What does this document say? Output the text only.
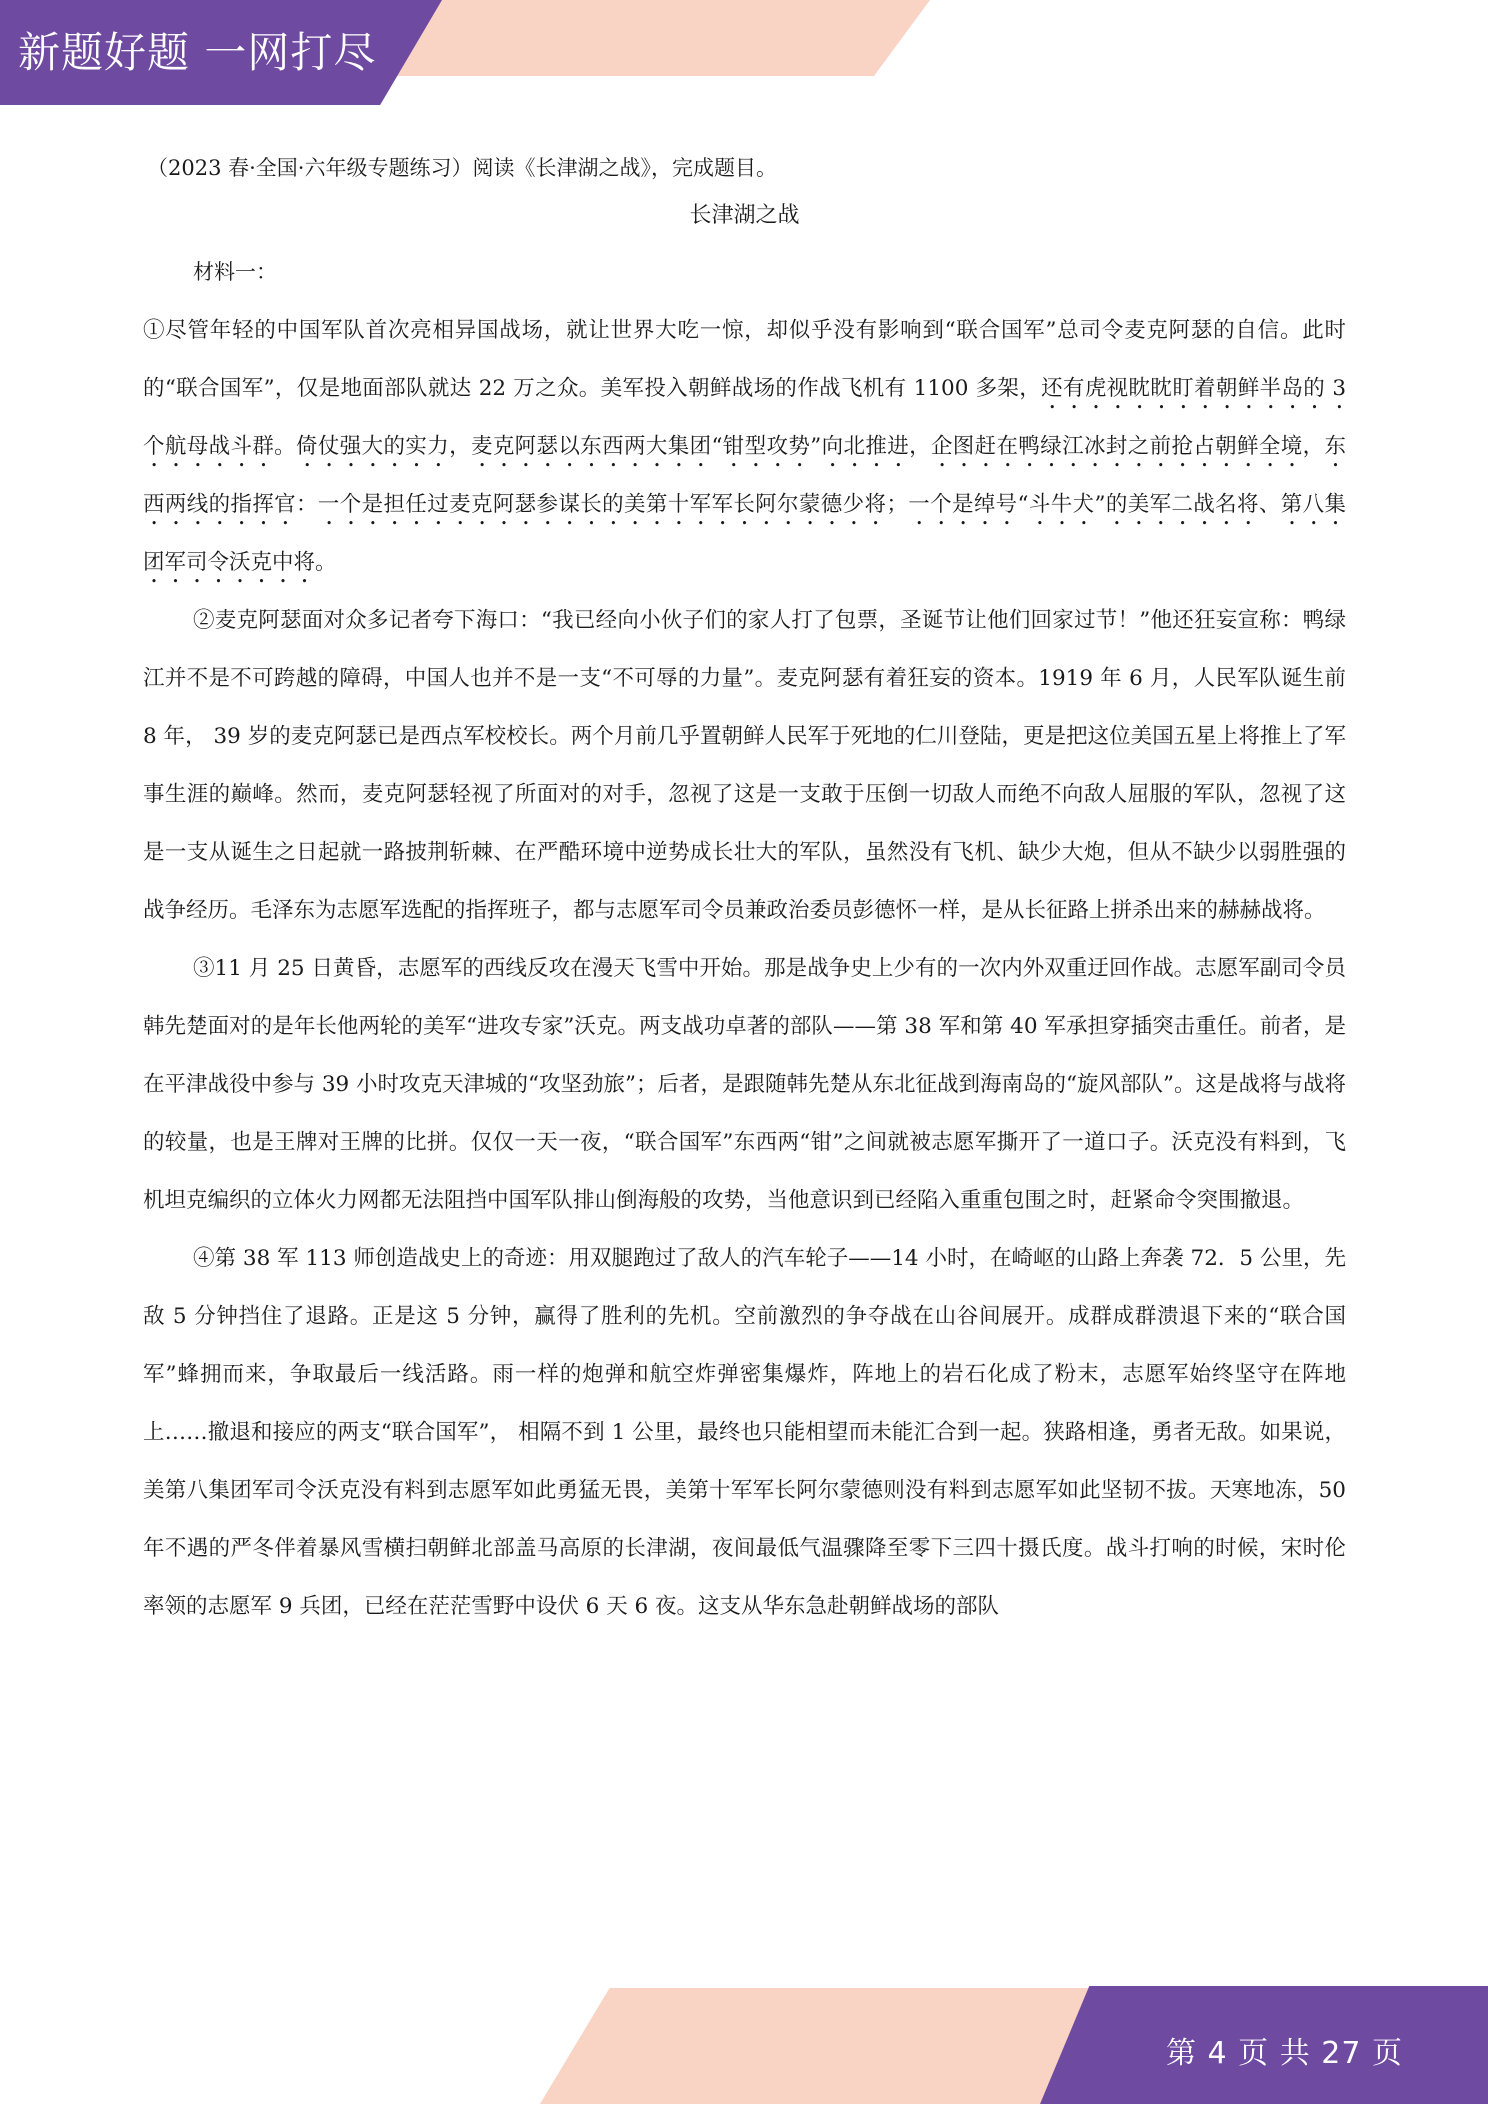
新题好题 一网打尽

（2023 春·全国·六年级专题练习）阅读《长津湖之战》，完成题目。

长津湖之战

材料一：

①尽管年轻的中国军队首次亮相异国战场，就让世界大吃一惊，却似乎没有影响到“联合国军”总司令麦克阿瑟的自信。此时的“联合国军”，仅是地面部队就达 22 万之众。美军投入朝鲜战场的作战飞机有 1100 多架，还有虎视眈眈盯着朝鲜半岛的 3 个航母战斗群。倚仗强大的实力，麦克阿瑟以东西两大集团“钳型攻势”向北推进，企图赶在鸭绿江冰封之前抢占朝鲜全境，东西两线的指挥官：一个是担任过麦克阿瑟参谋长的美第十军军长阿尔蒙德少将；一个是绰号“斗牛犬”的美军二战名将、第八集团军司令沃克中将。

②麦克阿瑟面对众多记者夸下海口：“我已经向小伙子们的家人打了包票，圣诞节让他们回家过节！”他还狂妄宣称：鸭绿江并不是不可跨越的障碍，中国人也并不是一支“不可辱的力量”。麦克阿瑟有着狂妄的资本。1919 年 6 月，人民军队诞生前 8 年， 39 岁的麦克阿瑟已是西点军校校长。两个月前几乎置朝鲜人民军于死地的仁川登陆，更是把这位美国五星上将推上了军事生涯的巅峰。然而，麦克阿瑟轻视了所面对的对手，忽视了这是一支敢于压倒一切敌人而绝不向敌人屈服的军队，忽视了这是一支从诞生之日起就一路披荆斩棘、在严酷环境中逆势成长壮大的军队，虽然没有飞机、缺少大炮，但从不缺少以弱胜强的战争经历。毛泽东为志愿军选配的指挥班子，都与志愿军司令员兼政治委员彭德怀一样，是从长征路上拼杀出来的赫赫战将。

③11 月 25 日黄昏，志愿军的西线反攻在漫天飞雪中开始。那是战争史上少有的一次内外双重迂回作战。志愿军副司令员韩先楚面对的是年长他两轮的美军“进攻专家”沃克。两支战功卓著的部队——第 38 军和第 40 军承担穿插突击重任。前者，是在平津战役中参与 39 小时攻克天津城的“攻坚劲旅”；后者，是跟随韩先楚从东北征战到海南岛的“旋风部队”。这是战将与战将的较量，也是王牌对王牌的比拼。仅仅一天一夜，“联合国军”东西两“钳”之间就被志愿军撕开了一道口子。沃克没有料到，飞机坦克编织的立体火力网都无法阻挡中国军队排山倒海般的攻势，当他意识到已经陷入重重包围之时，赶紧命令突围撤退。

④第 38 军 113 师创造战史上的奇迹：用双腿跑过了敌人的汽车轮子——14 小时，在崎岖的山路上奔袭 72．5 公里，先敌 5 分钟挡住了退路。正是这 5 分钟，赢得了胜利的先机。空前激烈的争夺战在山谷间展开。成群成群溃退下来的“联合国军”蜂拥而来，争取最后一线活路。雨一样的炮弹和航空炸弹密集爆炸，阵地上的岩石化成了粉末，志愿军始终坚守在阵地上……撤退和接应的两支“联合国军”， 相隔不到 1 公里，最终也只能相望而未能汇合到一起。狭路相逢，勇者无敌。如果说，美第八集团军司令沃克没有料到志愿军如此勇猛无畏，美第十军军长阿尔蒙德则没有料到志愿军如此坚韧不拔。天寒地冻，50 年不遇的严冬伴着暴风雪横扫朝鲜北部盖马高原的长津湖，夜间最低气温骤降至零下三四十摄氏度。战斗打响的时候，宋时伦率领的志愿军 9 兵团，已经在茫茫雪野中设伏 6 天 6 夜。这支从华东急赴朝鲜战场的部队

第 4 页 共 27 页
